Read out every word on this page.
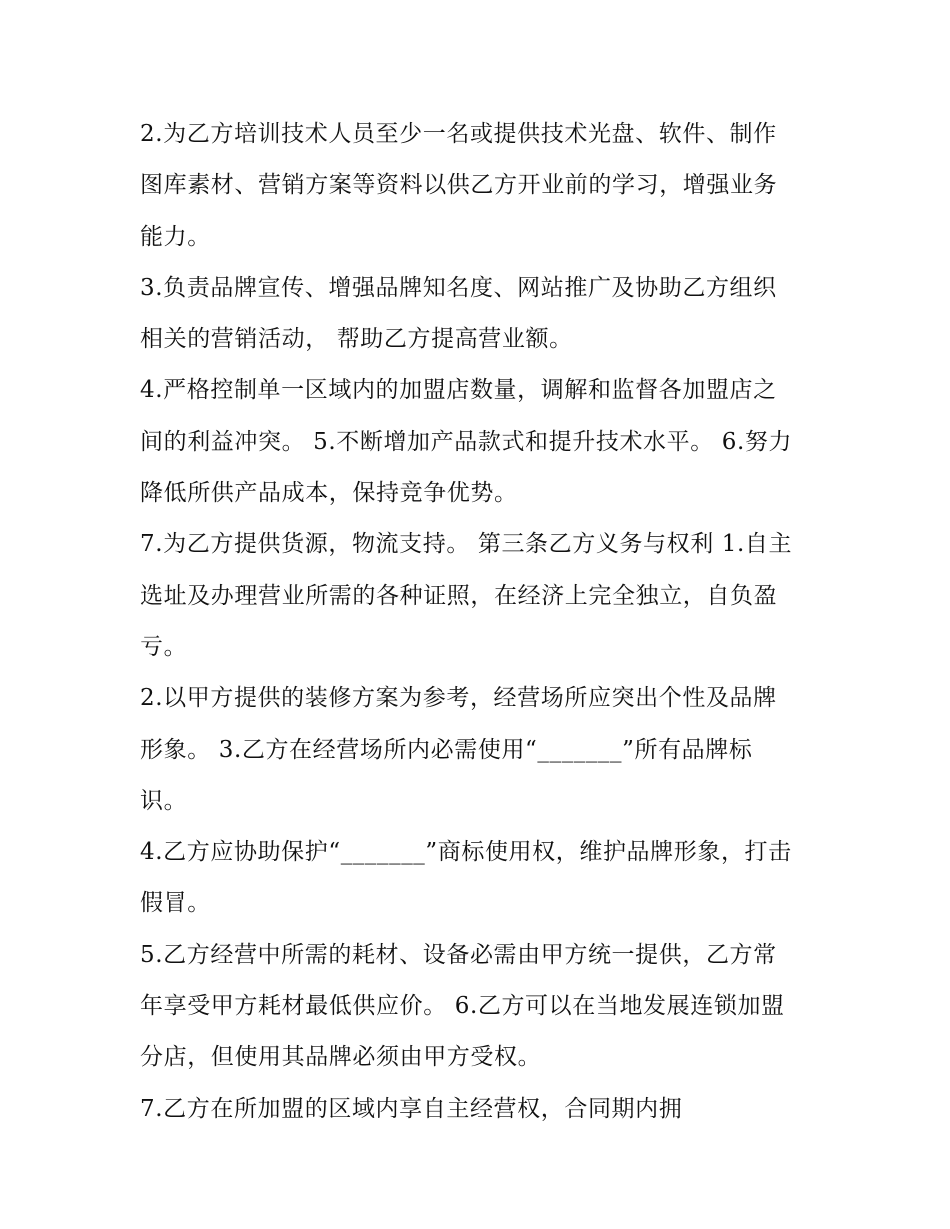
2.为乙方培训技术人员至少一名或提供技术光盘、软件、制作
图库素材、营销方案等资料以供乙方开业前的学习，增强业务
能力。
3.负责品牌宣传、增强品牌知名度、网站推广及协助乙方组织
相关的营销活动， 帮助乙方提高营业额。
4.严格控制单一区域内的加盟店数量，调解和监督各加盟店之
间的利益冲突。 5.不断增加产品款式和提升技术水平。 6.努力
降低所供产品成本，保持竞争优势。
7.为乙方提供货源，物流支持。 第三条乙方义务与权利 1.自主
选址及办理营业所需的各种证照，在经济上完全独立，自负盈
亏。
2.以甲方提供的装修方案为参考，经营场所应突出个性及品牌
形象。 3.乙方在经营场所内必需使用“_______”所有品牌标
识。
4.乙方应协助保护“_______”商标使用权，维护品牌形象，打击
假冒。
5.乙方经营中所需的耗材、设备必需由甲方统一提供，乙方常
年享受甲方耗材最低供应价。 6.乙方可以在当地发展连锁加盟
分店，但使用其品牌必须由甲方受权。
7.乙方在所加盟的区域内享自主经营权，合同期内拥
